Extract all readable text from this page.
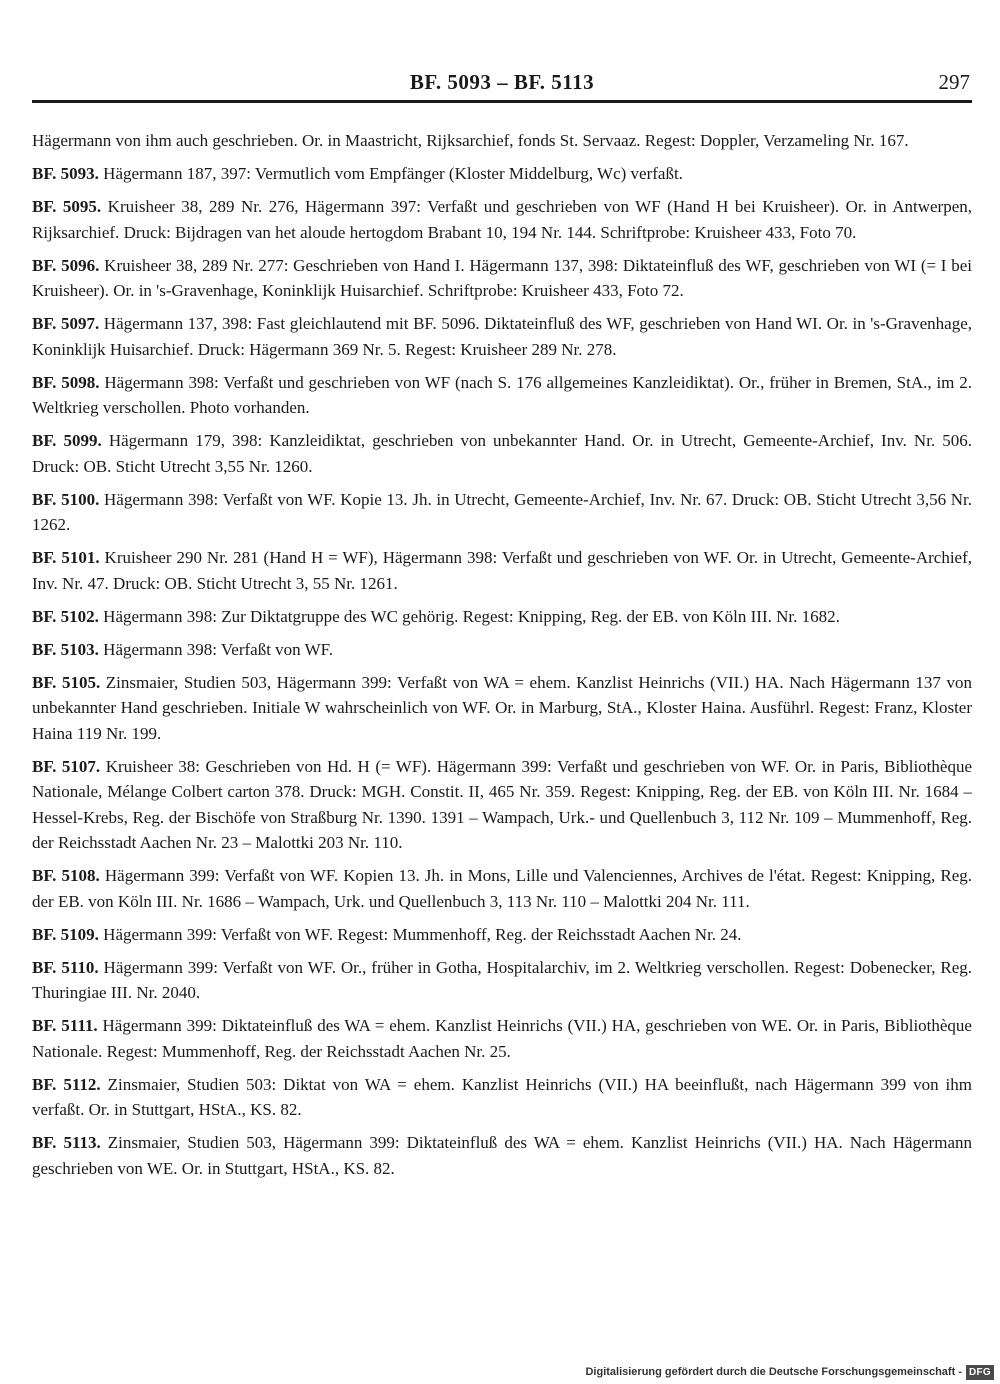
BF. 5093 – BF. 5113	297

Hägermann von ihm auch geschrieben. Or. in Maastricht, Rijksarchief, fonds St. Servaaz. Regest: Doppler, Verzameling Nr. 167.

BF. 5093. Hägermann 187, 397: Vermutlich vom Empfänger (Kloster Middelburg, Wc) verfaßt.

BF. 5095. Kruisheer 38, 289 Nr. 276, Hägermann 397: Verfaßt und geschrieben von WF (Hand H bei Kruisheer). Or. in Antwerpen, Rijksarchief. Druck: Bijdragen van het aloude hertogdom Brabant 10, 194 Nr. 144. Schriftprobe: Kruisheer 433, Foto 70.

BF. 5096. Kruisheer 38, 289 Nr. 277: Geschrieben von Hand I. Hägermann 137, 398: Diktateinfluß des WF, geschrieben von WI (= I bei Kruisheer). Or. in 's-Gravenhage, Koninklijk Huisarchief. Schriftprobe: Kruisheer 433, Foto 72.

BF. 5097. Hägermann 137, 398: Fast gleichlautend mit BF. 5096. Diktateinfluß des WF, geschrieben von Hand WI. Or. in 's-Gravenhage, Koninklijk Huisarchief. Druck: Hägermann 369 Nr. 5. Regest: Kruisheer 289 Nr. 278.

BF. 5098. Hägermann 398: Verfaßt und geschrieben von WF (nach S. 176 allgemeines Kanzleidiktat). Or., früher in Bremen, StA., im 2. Weltkrieg verschollen. Photo vorhanden.

BF. 5099. Hägermann 179, 398: Kanzleidiktat, geschrieben von unbekannter Hand. Or. in Utrecht, Gemeente-Archief, Inv. Nr. 506. Druck: OB. Sticht Utrecht 3,55 Nr. 1260.

BF. 5100. Hägermann 398: Verfaßt von WF. Kopie 13. Jh. in Utrecht, Gemeente-Archief, Inv. Nr. 67. Druck: OB. Sticht Utrecht 3,56 Nr. 1262.

BF. 5101. Kruisheer 290 Nr. 281 (Hand H = WF), Hägermann 398: Verfaßt und geschrieben von WF. Or. in Utrecht, Gemeente-Archief, Inv. Nr. 47. Druck: OB. Sticht Utrecht 3, 55 Nr. 1261.

BF. 5102. Hägermann 398: Zur Diktatgruppe des WC gehörig. Regest: Knipping, Reg. der EB. von Köln III. Nr. 1682.

BF. 5103. Hägermann 398: Verfaßt von WF.

BF. 5105. Zinsmaier, Studien 503, Hägermann 399: Verfaßt von WA = ehem. Kanzlist Heinrichs (VII.) HA. Nach Hägermann 137 von unbekannter Hand geschrieben. Initiale W wahrscheinlich von WF. Or. in Marburg, StA., Kloster Haina. Ausführl. Regest: Franz, Kloster Haina 119 Nr. 199.

BF. 5107. Kruisheer 38: Geschrieben von Hd. H (= WF). Hägermann 399: Verfaßt und geschrieben von WF. Or. in Paris, Bibliothèque Nationale, Mélange Colbert carton 378. Druck: MGH. Constit. II, 465 Nr. 359. Regest: Knipping, Reg. der EB. von Köln III. Nr. 1684 – Hessel-Krebs, Reg. der Bischöfe von Straßburg Nr. 1390. 1391 – Wampach, Urk.- und Quellenbuch 3, 112 Nr. 109 – Mummenhoff, Reg. der Reichsstadt Aachen Nr. 23 – Malottki 203 Nr. 110.

BF. 5108. Hägermann 399: Verfaßt von WF. Kopien 13. Jh. in Mons, Lille und Valenciennes, Archives de l'état. Regest: Knipping, Reg. der EB. von Köln III. Nr. 1686 – Wampach, Urk. und Quellenbuch 3, 113 Nr. 110 – Malottki 204 Nr. 111.

BF. 5109. Hägermann 399: Verfaßt von WF. Regest: Mummenhoff, Reg. der Reichsstadt Aachen Nr. 24.

BF. 5110. Hägermann 399: Verfaßt von WF. Or., früher in Gotha, Hospitalarchiv, im 2. Weltkrieg verschollen. Regest: Dobenecker, Reg. Thuringiae III. Nr. 2040.

BF. 5111. Hägermann 399: Diktateinfluß des WA = ehem. Kanzlist Heinrichs (VII.) HA, geschrieben von WE. Or. in Paris, Bibliothèque Nationale. Regest: Mummenhoff, Reg. der Reichsstadt Aachen Nr. 25.

BF. 5112. Zinsmaier, Studien 503: Diktat von WA = ehem. Kanzlist Heinrichs (VII.) HA beeinflußt, nach Hägermann 399 von ihm verfaßt. Or. in Stuttgart, HStA., KS. 82.

BF. 5113. Zinsmaier, Studien 503, Hägermann 399: Diktateinfluß des WA = ehem. Kanzlist Heinrichs (VII.) HA. Nach Hägermann geschrieben von WE. Or. in Stuttgart, HStA., KS. 82.

Digitalisierung gefördert durch die Deutsche Forschungsgemeinschaft - DFG
